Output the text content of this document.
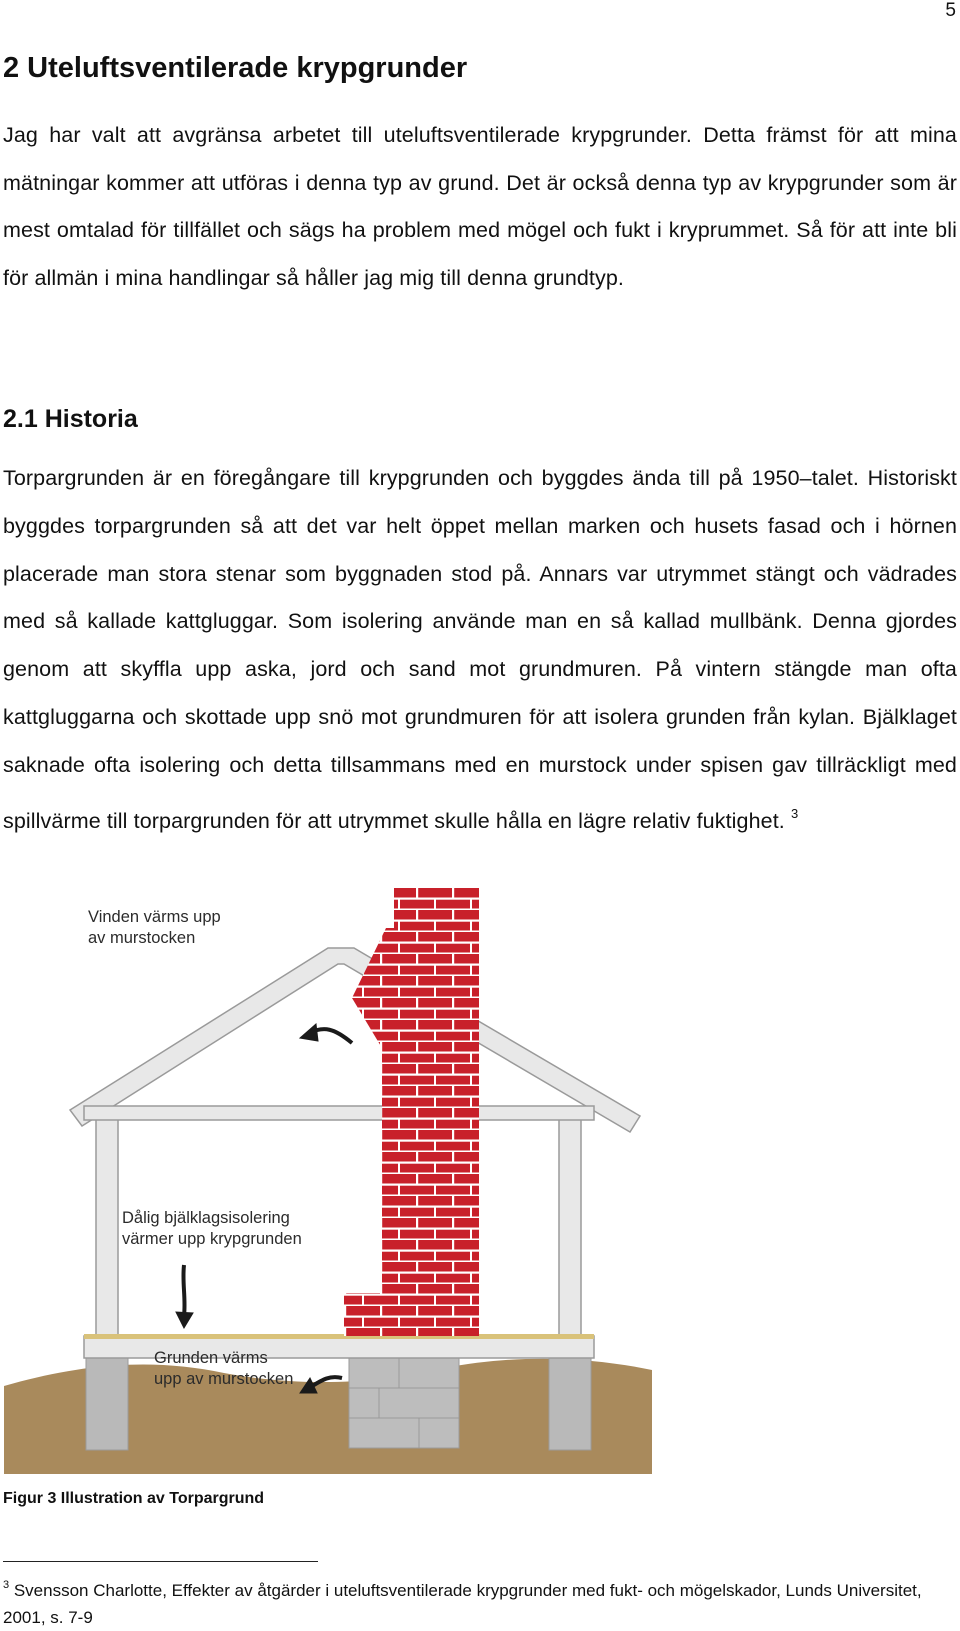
5
2 Uteluftsventilerade krypgrunder

Jag har valt att avgränsa arbetet till uteluftsventilerade krypgrunder. Detta främst för att mina mätningar kommer att utföras i denna typ av grund. Det är också denna typ av krypgrunder som är mest omtalad för tillfället och sägs ha problem med mögel och fukt i kryprummet. Så för att inte bli för allmän i mina handlingar så håller jag mig till denna grundtyp.

2.1 Historia

Torpargrunden är en föregångare till krypgrunden och byggdes ända till på 1950–talet. Historiskt byggdes torpargrunden så att det var helt öppet mellan marken och husets fasad och i hörnen placerade man stora stenar som byggnaden stod på. Annars var utrymmet stängt och vädrades med så kallade kattgluggar. Som isolering använde man en så kallad mullbänk. Denna gjordes genom att skyffla upp aska, jord och sand mot grundmuren. På vintern stängde man ofta kattgluggarna och skottade upp snö mot grundmuren för att isolera grunden från kylan. Bjälklaget saknade ofta isolering och detta tillsammans med en murstock under spisen gav tillräckligt med spillvärme till torpargrunden för att utrymmet skulle hålla en lägre relativ fuktighet. $^3$

Vinden värms upp
av murstocken
Dålig bjälklagsisolering
värmer upp krypgrunden
Grunden värms
upp av murstocken

Figur 3 Illustration av Torpargrund

$^3$ Svensson Charlotte, Effekter av åtgärder i uteluftsventilerade krypgrunder med fukt- och mögelskador, Lunds Universitet, 2001, s. 7-9
